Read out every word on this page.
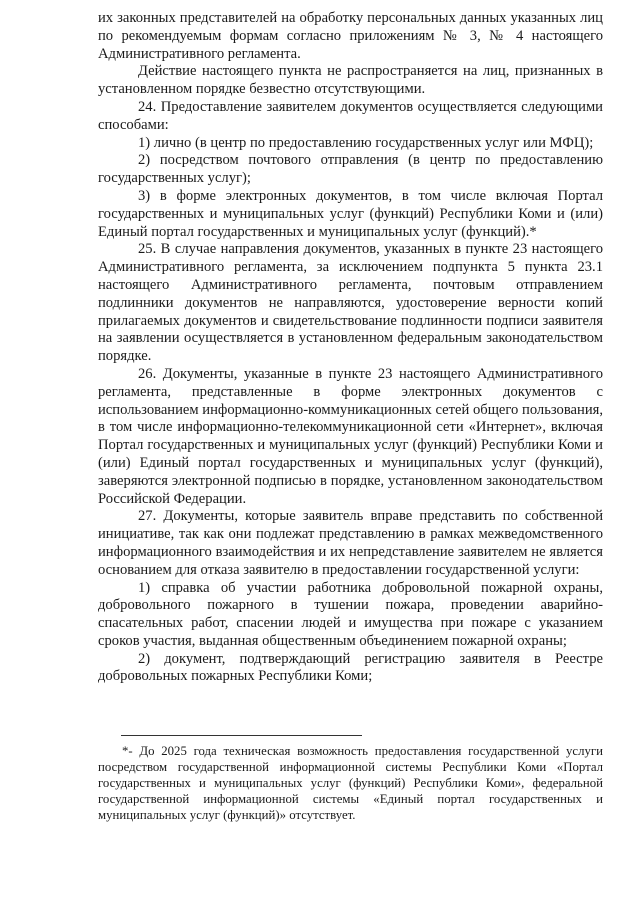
их законных представителей на обработку персональных данных указанных лиц по рекомендуемым формам согласно приложениям № 3, № 4 настоящего Административного регламента.

Действие настоящего пункта не распространяется на лиц, признанных в установленном порядке безвестно отсутствующими.

24. Предоставление заявителем документов осуществляется следующими способами:

1) лично (в центр по предоставлению государственных услуг или МФЦ);

2) посредством почтового отправления (в центр по предоставлению государственных услуг);

3) в форме электронных документов, в том числе включая Портал государственных и муниципальных услуг (функций) Республики Коми и (или) Единый портал государственных и муниципальных услуг (функций).*

25. В случае направления документов, указанных в пункте 23 настоящего Административного регламента, за исключением подпункта 5 пункта 23.1 настоящего Административного регламента, почтовым отправлением подлинники документов не направляются, удостоверение верности копий прилагаемых документов и свидетельствование подлинности подписи заявителя на заявлении осуществляется в установленном федеральным законодательством порядке.

26. Документы, указанные в пункте 23 настоящего Административного регламента, представленные в форме электронных документов с использованием информационно-коммуникационных сетей общего пользования, в том числе информационно-телекоммуникационной сети «Интернет», включая Портал государственных и муниципальных услуг (функций) Республики Коми и (или) Единый портал государственных и муниципальных услуг (функций), заверяются электронной подписью в порядке, установленном законодательством Российской Федерации.

27. Документы, которые заявитель вправе представить по собственной инициативе, так как они подлежат представлению в рамках межведомственного информационного взаимодействия и их непредставление заявителем не является основанием для отказа заявителю в предоставлении государственной услуги:

1) справка об участии работника добровольной пожарной охраны, добровольного пожарного в тушении пожара, проведении аварийно-спасательных работ, спасении людей и имущества при пожаре с указанием сроков участия, выданная общественным объединением пожарной охраны;

2) документ, подтверждающий регистрацию заявителя в Реестре добровольных пожарных Республики Коми;

*- До 2025 года техническая возможность предоставления государственной услуги посредством государственной информационной системы Республики Коми «Портал государственных и муниципальных услуг (функций) Республики Коми», федеральной государственной информационной системы «Единый портал государственных и муниципальных услуг (функций)» отсутствует.
